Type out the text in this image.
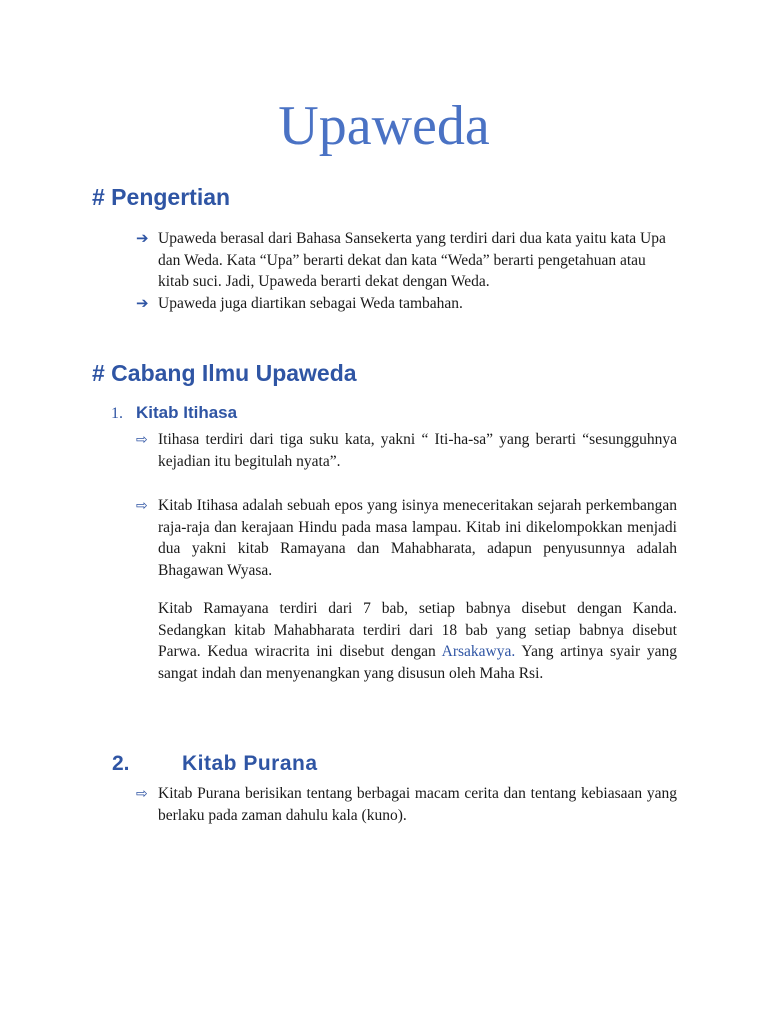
Upaweda
# Pengertian
➔ Upaweda berasal dari Bahasa Sansekerta yang terdiri dari dua kata yaitu kata Upa dan Weda. Kata “Upa” berarti dekat dan kata “Weda” berarti pengetahuan atau kitab suci. Jadi, Upaweda berarti dekat dengan Weda.
➔ Upaweda juga diartikan sebagai Weda tambahan.
# Cabang Ilmu Upaweda
1. Kitab Itihasa
⇨ Itihasa terdiri dari tiga suku kata, yakni “ Iti-ha-sa” yang berarti “sesungguhnya kejadian itu begitulah nyata”.
⇨ Kitab Itihasa adalah sebuah epos yang isinya meneceritakan sejarah perkembangan raja-raja dan kerajaan Hindu pada masa lampau. Kitab ini dikelompokkan menjadi dua yakni kitab Ramayana dan Mahabharata, adapun penyusunnya adalah Bhagawan Wyasa.
Kitab Ramayana terdiri dari 7 bab, setiap babnya disebut dengan Kanda. Sedangkan kitab Mahabharata terdiri dari 18 bab yang setiap babnya disebut Parwa. Kedua wiracrita ini disebut dengan Arsakawya. Yang artinya syair yang sangat indah dan menyenangkan yang disusun oleh Maha Rsi.
2. Kitab Purana
⇨ Kitab Purana berisikan tentang berbagai macam cerita dan tentang kebiasaan yang berlaku pada zaman dahulu kala (kuno).
